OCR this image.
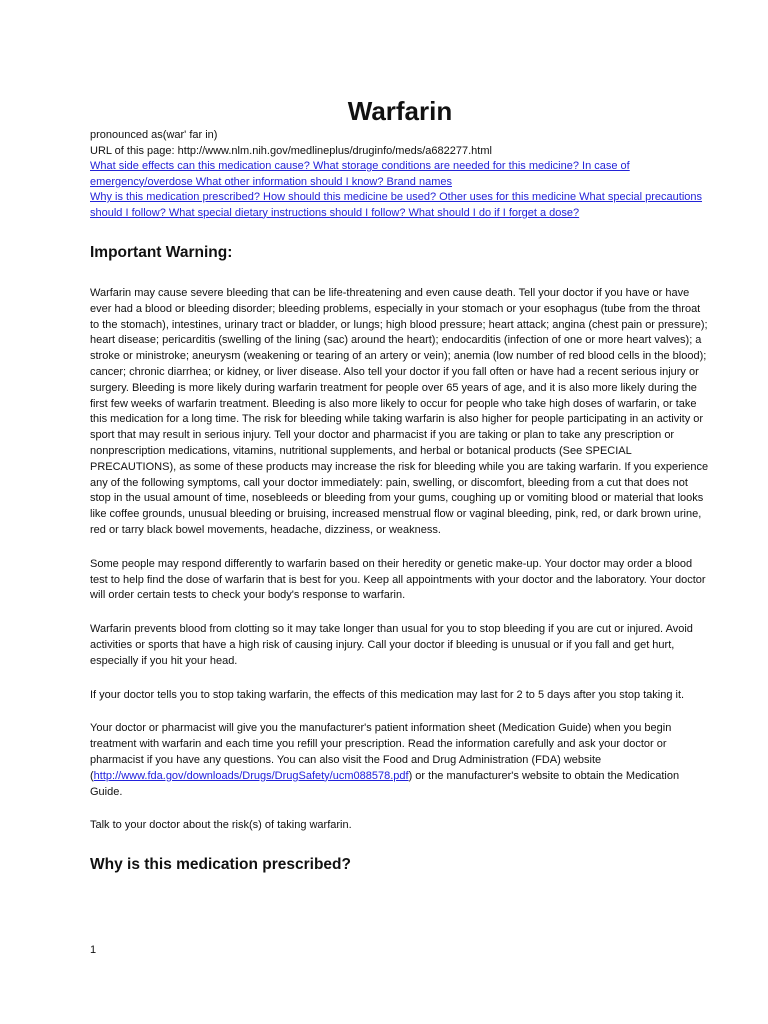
Warfarin
pronounced as(war' far in)
URL of this page: http://www.nlm.nih.gov/medlineplus/druginfo/meds/a682277.html
What side effects can this medication cause? What storage conditions are needed for this medicine? In case of emergency/overdose What other information should I know? Brand names
Why is this medication prescribed? How should this medicine be used? Other uses for this medicine What special precautions should I follow? What special dietary instructions should I follow? What should I do if I forget a dose?
Important Warning:

Warfarin may cause severe bleeding that can be life-threatening and even cause death. Tell your doctor if you have or have ever had a blood or bleeding disorder; bleeding problems, especially in your stomach or your esophagus (tube from the throat to the stomach), intestines, urinary tract or bladder, or lungs; high blood pressure; heart attack; angina (chest pain or pressure); heart disease; pericarditis (swelling of the lining (sac) around the heart); endocarditis (infection of one or more heart valves); a stroke or ministroke; aneurysm (weakening or tearing of an artery or vein); anemia (low number of red blood cells in the blood); cancer; chronic diarrhea; or kidney, or liver disease. Also tell your doctor if you fall often or have had a recent serious injury or surgery. Bleeding is more likely during warfarin treatment for people over 65 years of age, and it is also more likely during the first few weeks of warfarin treatment. Bleeding is also more likely to occur for people who take high doses of warfarin, or take this medication for a long time. The risk for bleeding while taking warfarin is also higher for people participating in an activity or sport that may result in serious injury. Tell your doctor and pharmacist if you are taking or plan to take any prescription or nonprescription medications, vitamins, nutritional supplements, and herbal or botanical products (See SPECIAL PRECAUTIONS), as some of these products may increase the risk for bleeding while you are taking warfarin. If you experience any of the following symptoms, call your doctor immediately: pain, swelling, or discomfort, bleeding from a cut that does not stop in the usual amount of time, nosebleeds or bleeding from your gums, coughing up or vomiting blood or material that looks like coffee grounds, unusual bleeding or bruising, increased menstrual flow or vaginal bleeding, pink, red, or dark brown urine, red or tarry black bowel movements, headache, dizziness, or weakness.

Some people may respond differently to warfarin based on their heredity or genetic make-up. Your doctor may order a blood test to help find the dose of warfarin that is best for you. Keep all appointments with your doctor and the laboratory. Your doctor will order certain tests to check your body's response to warfarin.

Warfarin prevents blood from clotting so it may take longer than usual for you to stop bleeding if you are cut or injured. Avoid activities or sports that have a high risk of causing injury. Call your doctor if bleeding is unusual or if you fall and get hurt, especially if you hit your head.

If your doctor tells you to stop taking warfarin, the effects of this medication may last for 2 to 5 days after you stop taking it.

Your doctor or pharmacist will give you the manufacturer's patient information sheet (Medication Guide) when you begin treatment with warfarin and each time you refill your prescription. Read the information carefully and ask your doctor or pharmacist if you have any questions. You can also visit the Food and Drug Administration (FDA) website (http://www.fda.gov/downloads/Drugs/DrugSafety/ucm088578.pdf) or the manufacturer's website to obtain the Medication Guide.

Talk to your doctor about the risk(s) of taking warfarin.

Why is this medication prescribed?
1
